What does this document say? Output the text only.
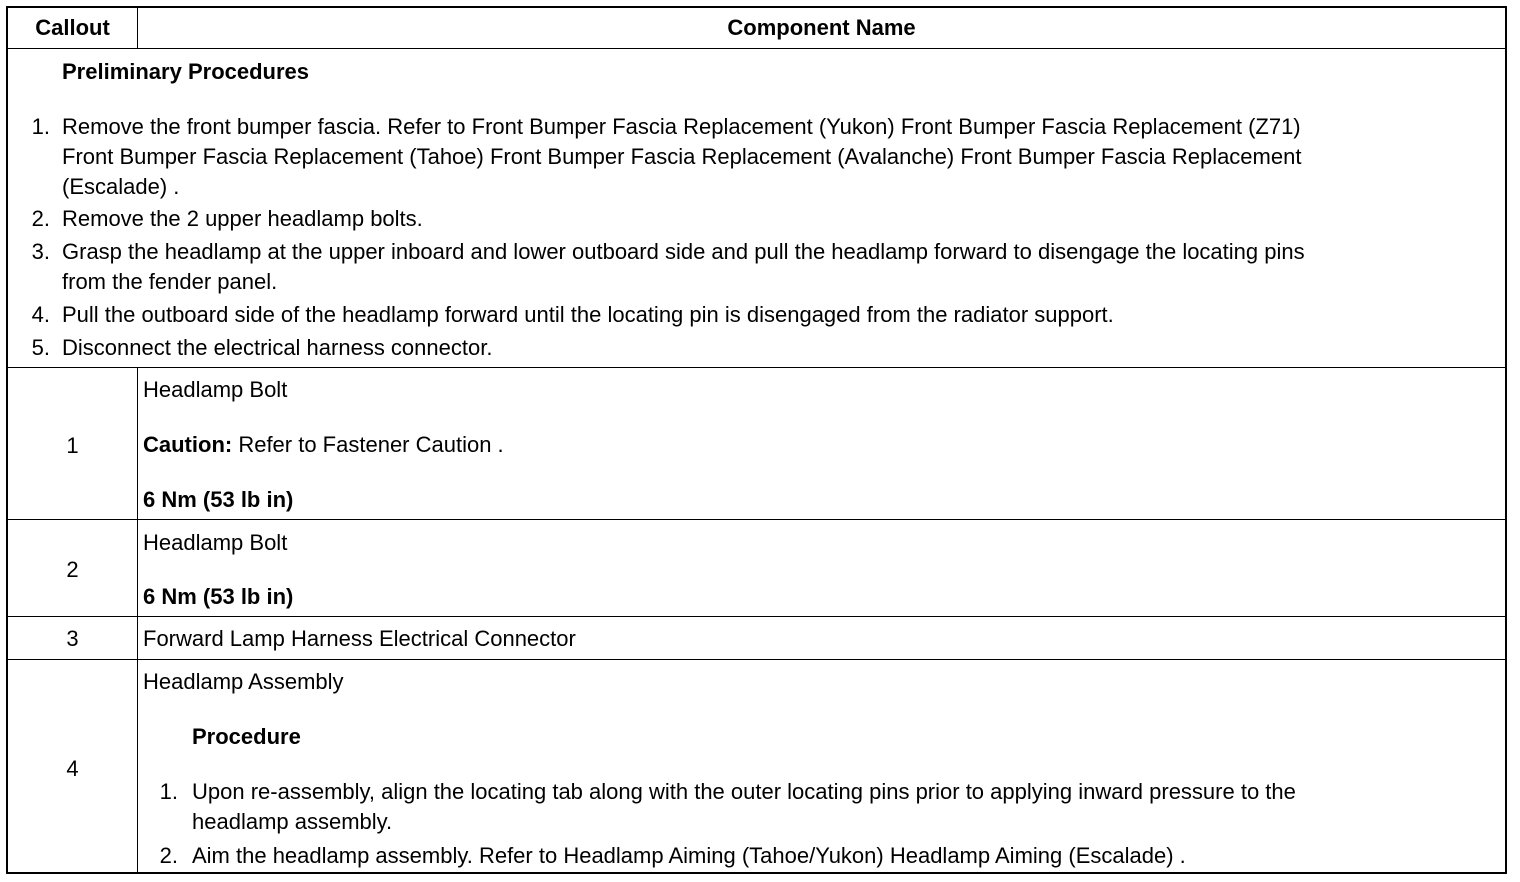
Callout	Component Name
Preliminary Procedures
1. Remove the front bumper fascia. Refer to Front Bumper Fascia Replacement (Yukon) Front Bumper Fascia Replacement (Z71)
Front Bumper Fascia Replacement (Tahoe) Front Bumper Fascia Replacement (Avalanche) Front Bumper Fascia Replacement
(Escalade) .
2. Remove the 2 upper headlamp bolts.
3. Grasp the headlamp at the upper inboard and lower outboard side and pull the headlamp forward to disengage the locating pins
from the fender panel.
4. Pull the outboard side of the headlamp forward until the locating pin is disengaged from the radiator support.
5. Disconnect the electrical harness connector.
1
Headlamp Bolt
Caution: Refer to Fastener Caution .
6 Nm (53 lb in)
2
Headlamp Bolt
6 Nm (53 lb in)
3	Forward Lamp Harness Electrical Connector
4
Headlamp Assembly
Procedure
1. Upon re-assembly, align the locating tab along with the outer locating pins prior to applying inward pressure to the
headlamp assembly.
2. Aim the headlamp assembly. Refer to Headlamp Aiming (Tahoe/Yukon) Headlamp Aiming (Escalade) .
